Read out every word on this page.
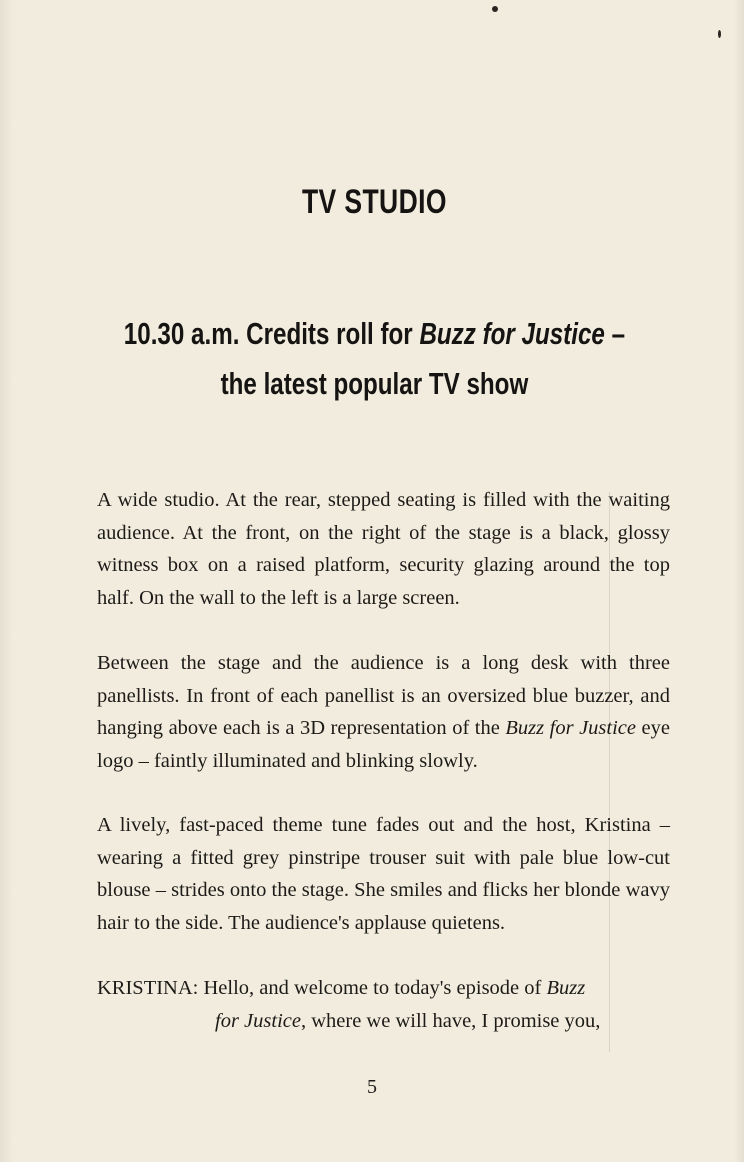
TV STUDIO
10.30 a.m. Credits roll for Buzz for Justice –
the latest popular TV show

A wide studio. At the rear, stepped seating is filled with the waiting audience. At the front, on the right of the stage is a black, glossy witness box on a raised platform, security glazing around the top half. On the wall to the left is a large screen.

Between the stage and the audience is a long desk with three panellists. In front of each panellist is an oversized blue buzzer, and hanging above each is a 3D representation of the Buzz for Justice eye logo – faintly illuminated and blinking slowly.

A lively, fast-paced theme tune fades out and the host, Kristina – wearing a fitted grey pinstripe trouser suit with pale blue low-cut blouse – strides onto the stage. She smiles and flicks her blonde wavy hair to the side. The audience's applause quietens.

KRISTINA: Hello, and welcome to today's episode of Buzz
for Justice, where we will have, I promise you,

5
